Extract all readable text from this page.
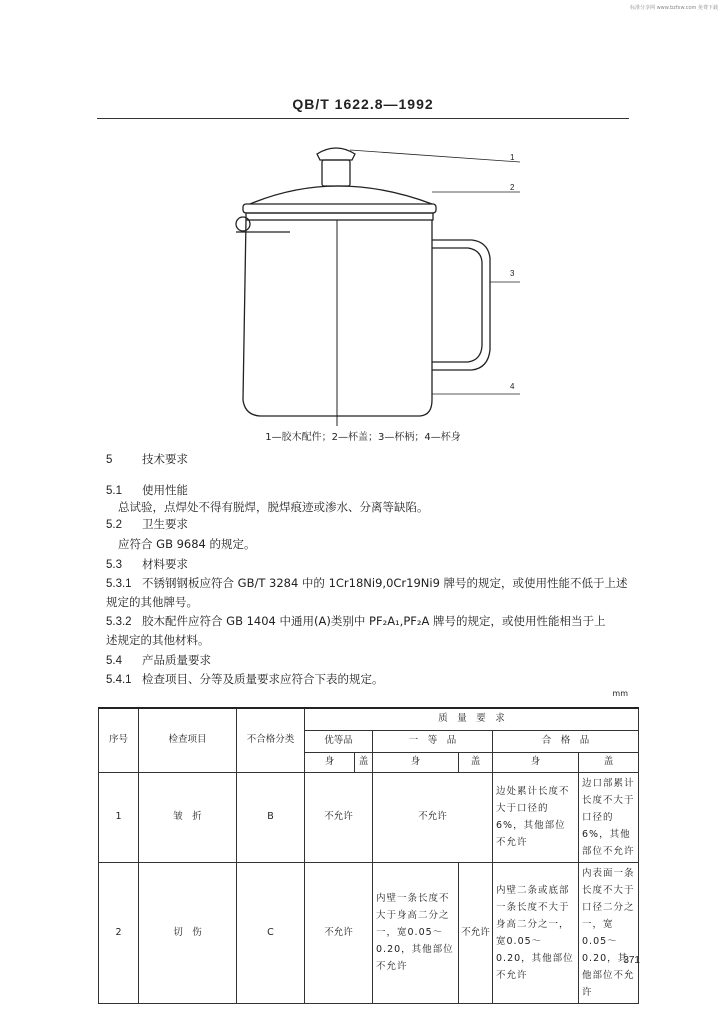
标准分享网 www.bzfxw.com 免费下载
QB/T 1622.8—1992
1
2
3
4
1—胶木配件；2—杯盖；3—杯柄；4—杯身
5	技术要求
5.1 使用性能
总试验，点焊处不得有脱焊，脱焊痕迹或渗水、分离等缺陷。
5.2 卫生要求
应符合 GB 9684 的规定。
5.3 材料要求
5.3.1 不锈钢钢板应符合 GB/T 3284 中的 1Cr18Ni9,0Cr19Ni9 牌号的规定，或使用性能不低于上述
规定的其他牌号。
5.3.2 胶木配件应符合 GB 1404 中通用(A)类别中 PF₂A₁,PF₂A 牌号的规定，或使用性能相当于上
述规定的其他材料。
5.4 产品质量要求
5.4.1 检查项目、分等及质量要求应符合下表的规定。
mm
序号	检查项目	不合格分类	质　量　要　求					
			优等品		一　等　品		合　格　品	
			身	盖	身	盖	身	盖
1	皱　折	B	不允许		不允许		边处累计长度不大于口径的6%，其他部位不允许	边口部累计长度不大于口径的6%，其他部位不允许
2	切　伤	C	不允许		内壁一条长度不大于身高二分之一，宽0.05～0.20，其他部位不允许	不允许	内壁二条或底部一条长度不大于身高二分之一，宽0.05～0.20，其他部位不允许	内表面一条长度不大于口径二分之一，宽0.05～0.20，其他部位不允许
371
